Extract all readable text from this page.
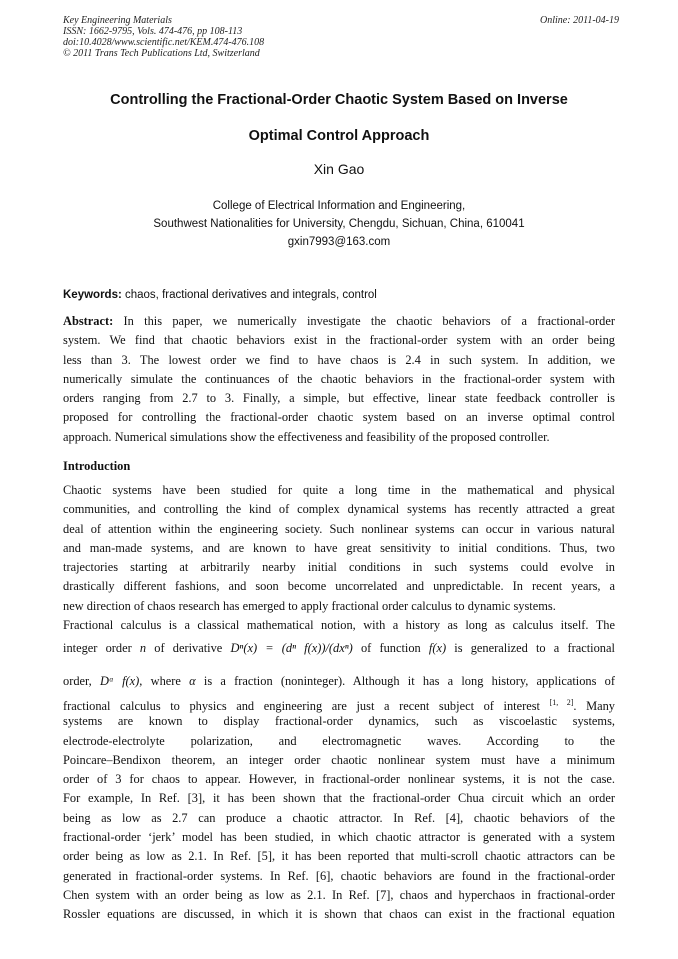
Key Engineering Materials
ISSN: 1662-9795, Vols. 474-476, pp 108-113
doi:10.4028/www.scientific.net/KEM.474-476.108
© 2011 Trans Tech Publications Ltd, Switzerland
Online: 2011-04-19
Controlling the Fractional-Order Chaotic System Based on Inverse
Optimal Control Approach
Xin Gao
College of Electrical Information and Engineering,
Southwest Nationalities for University, Chengdu, Sichuan, China, 610041
gxin7993@163.com
Keywords: chaos, fractional derivatives and integrals, control
Abstract: In this paper, we numerically investigate the chaotic behaviors of a fractional-order
system. We find that chaotic behaviors exist in the fractional-order system with an order being
less than 3. The lowest order we find to have chaos is 2.4 in such system. In addition, we
numerically simulate the continuances of the chaotic behaviors in the fractional-order system with
orders ranging from 2.7 to 3. Finally, a simple, but effective, linear state feedback controller is
proposed for controlling the fractional-order chaotic system based on an inverse optimal control
approach. Numerical simulations show the effectiveness and feasibility of the proposed controller.
Introduction
Chaotic systems have been studied for quite a long time in the mathematical and physical
communities, and controlling the kind of complex dynamical systems has recently attracted a great
deal of attention within the engineering society. Such nonlinear systems can occur in various natural
and man-made systems, and are known to have great sensitivity to initial conditions. Thus, two
trajectories starting at arbitrarily nearby initial conditions in such systems could evolve in
drastically different fashions, and soon become uncorrelated and unpredictable. In recent years, a
new direction of chaos research has emerged to apply fractional order calculus to dynamic systems.
Fractional calculus is a classical mathematical notion, with a history as long as calculus itself. The
integer order n of derivative Dⁿ(x) = (dⁿ f(x))/(dxⁿ) of function f(x) is generalized to a fractional
order, Dᵅ f(x), where α is a fraction (noninteger). Although it has a long history, applications of
fractional calculus to physics and engineering are just a recent subject of interest [1, 2]. Many
systems are known to display fractional-order dynamics, such as viscoelastic systems,
electrode-electrolyte polarization, and electromagnetic waves. According to the
Poincare–Bendixon theorem, an integer order chaotic nonlinear system must have a minimum
order of 3 for chaos to appear. However, in fractional-order nonlinear systems, it is not the case.
For example, In Ref. [3], it has been shown that the fractional-order Chua circuit which an order
being as low as 2.7 can produce a chaotic attractor. In Ref. [4], chaotic behaviors of the
fractional-order ‘jerk’ model has been studied, in which chaotic attractor is generated with a system
order being as low as 2.1. In Ref. [5], it has been reported that multi-scroll chaotic attractors can be
generated in fractional-order systems. In Ref. [6], chaotic behaviors are found in the fractional-order
Chen system with an order being as low as 2.1. In Ref. [7], chaos and hyperchaos in fractional-order
Rossler equations are discussed, in which it is shown that chaos can exist in the fractional equation
